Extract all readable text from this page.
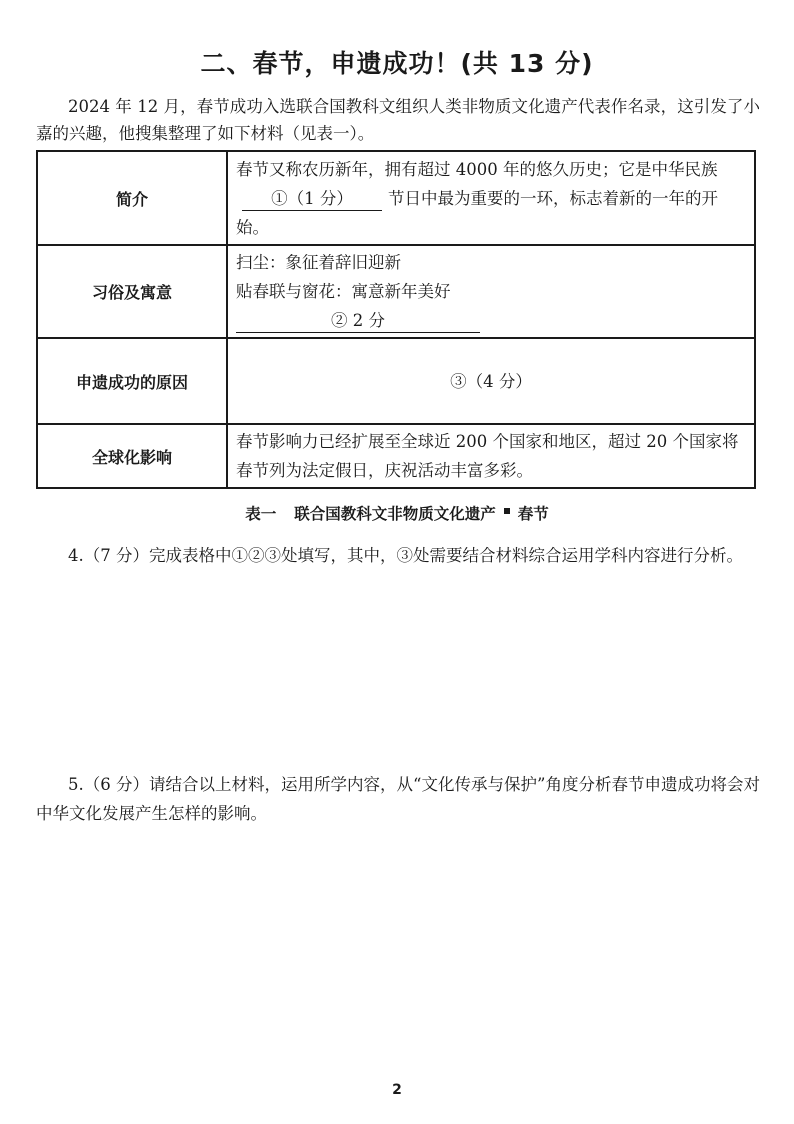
二、春节，申遗成功！(共 13 分)
2024 年 12 月，春节成功入选联合国教科文组织人类非物质文化遗产代表作名录，这引发了小嘉的兴趣，他搜集整理了如下材料（见表一）。
简介	春节又称农历新年，拥有超过 4000 年的悠久历史；它是中华民族①（1 分） 节日中最为重要的一环，标志着新的一年的开始。
习俗及寓意	扫尘：象征着辞旧迎新
贴春联与窗花：寓意新年美好
② 2 分

申遗成功的原因	③（4 分）
全球化影响	春节影响力已经扩展至全球近 200 个国家和地区，超过 20 个国家将春节列为法定假日，庆祝活动丰富多彩。
表一 联合国教科文非物质文化遗产 春节
4.（7 分）完成表格中①②③处填写，其中，③处需要结合材料综合运用学科内容进行分析。
5.（6 分）请结合以上材料，运用所学内容，从“文化传承与保护”角度分析春节申遗成功将会对中华文化发展产生怎样的影响。
2
